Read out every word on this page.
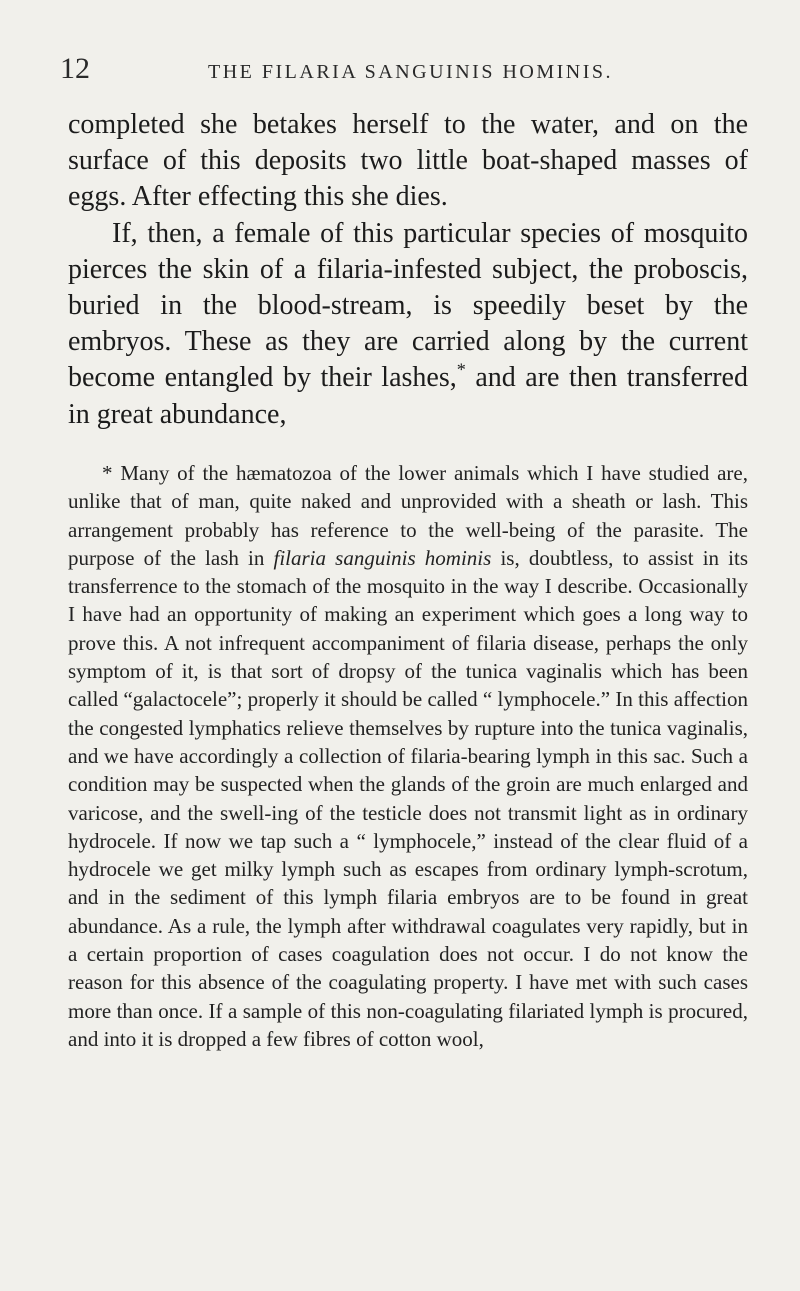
12	THE FILARIA SANGUINIS HOMINIS.

completed she betakes herself to the water, and on the surface of this deposits two little boat-shaped masses of eggs. After effecting this she dies.

If, then, a female of this particular species of mosquito pierces the skin of a filaria-infested subject, the proboscis, buried in the blood-stream, is speedily beset by the embryos. These as they are carried along by the current become entangled by their lashes,* and are then transferred in great abundance,

* Many of the hæmatozoa of the lower animals which I have studied are, unlike that of man, quite naked and unprovided with a sheath or lash. This arrangement probably has reference to the well-being of the parasite. The purpose of the lash in filaria sanguinis hominis is, doubtless, to assist in its transferrence to the stomach of the mosquito in the way I describe. Occasionally I have had an opportunity of making an experiment which goes a long way to prove this. A not infrequent accompaniment of filaria disease, perhaps the only symptom of it, is that sort of dropsy of the tunica vaginalis which has been called “galactocele”; properly it should be called “ lymphocele.” In this affection the congested lymphatics relieve themselves by rupture into the tunica vaginalis, and we have accordingly a collection of filaria-bearing lymph in this sac. Such a condition may be suspected when the glands of the groin are much enlarged and varicose, and the swell-ing of the testicle does not transmit light as in ordinary hydrocele. If now we tap such a “ lymphocele,” instead of the clear fluid of a hydrocele we get milky lymph such as escapes from ordinary lymph-scrotum, and in the sediment of this lymph filaria embryos are to be found in great abundance. As a rule, the lymph after withdrawal coagulates very rapidly, but in a certain proportion of cases coagulation does not occur. I do not know the reason for this absence of the coagulating property. I have met with such cases more than once. If a sample of this non-coagulating filariated lymph is procured, and into it is dropped a few fibres of cotton wool,
